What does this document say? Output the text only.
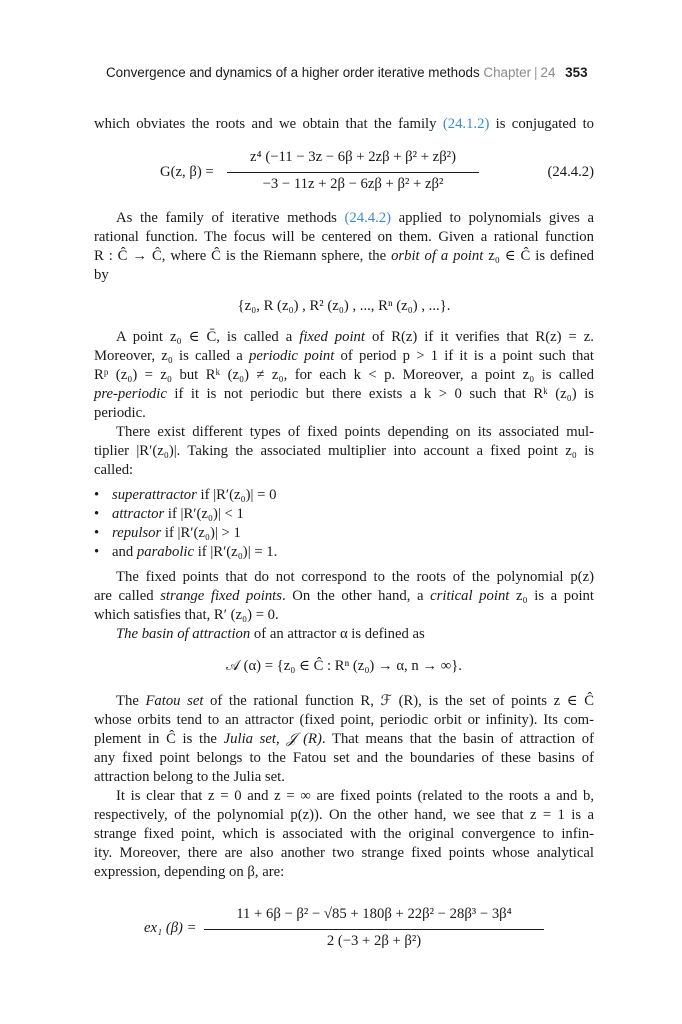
Convergence and dynamics of a higher order iterative methods Chapter | 24 353
which obviates the roots and we obtain that the family (24.1.2) is conjugated to
G(z, β) =
z⁴ (−11 − 3z − 6β + 2zβ + β² + zβ²)
−3 − 11z + 2β − 6zβ + β² + zβ²
(24.4.2)
As the family of iterative methods (24.4.2) applied to polynomials gives a
rational function. The focus will be centered on them. Given a rational function
R : Ĉ → Ĉ, where Ĉ is the Riemann sphere, the orbit of a point z₀ ∈ Ĉ is defined
by
{z₀, R (z₀) , R² (z₀) , ..., Rⁿ (z₀) , ...}.
A point z₀ ∈ C̄, is called a fixed point of R(z) if it verifies that R(z) = z.
Moreover, z₀ is called a periodic point of period p > 1 if it is a point such that
Rᵖ (z₀) = z₀ but Rᵏ (z₀) ≠ z₀, for each k < p. Moreover, a point z₀ is called
pre-periodic if it is not periodic but there exists a k > 0 such that Rᵏ (z₀) is
periodic.
There exist different types of fixed points depending on its associated mul-
tiplier |R′(z₀)|. Taking the associated multiplier into account a fixed point z₀ is
called:
• superattractor if |R′(z₀)| = 0
• attractor if |R′(z₀)| < 1
• repulsor if |R′(z₀)| > 1
• and parabolic if |R′(z₀)| = 1.
The fixed points that do not correspond to the roots of the polynomial p(z)
are called strange fixed points. On the other hand, a critical point z₀ is a point
which satisfies that, R′ (z₀) = 0.
The basin of attraction of an attractor α is defined as
𝒜 (α) = {z₀ ∈ Ĉ : Rⁿ (z₀) → α, n → ∞}.
The Fatou set of the rational function R, ℱ (R), is the set of points z ∈ Ĉ
whose orbits tend to an attractor (fixed point, periodic orbit or infinity). Its com-
plement in Ĉ is the Julia set, 𝒥 (R). That means that the basin of attraction of
any fixed point belongs to the Fatou set and the boundaries of these basins of
attraction belong to the Julia set.
It is clear that z = 0 and z = ∞ are fixed points (related to the roots a and b,
respectively, of the polynomial p(z)). On the other hand, we see that z = 1 is a
strange fixed point, which is associated with the original convergence to infin-
ity. Moreover, there are also another two strange fixed points whose analytical
expression, depending on β, are:
ex₁ (β) =
11 + 6β − β² − √85 + 180β + 22β² − 28β³ − 3β⁴
2 (−3 + 2β + β²)
